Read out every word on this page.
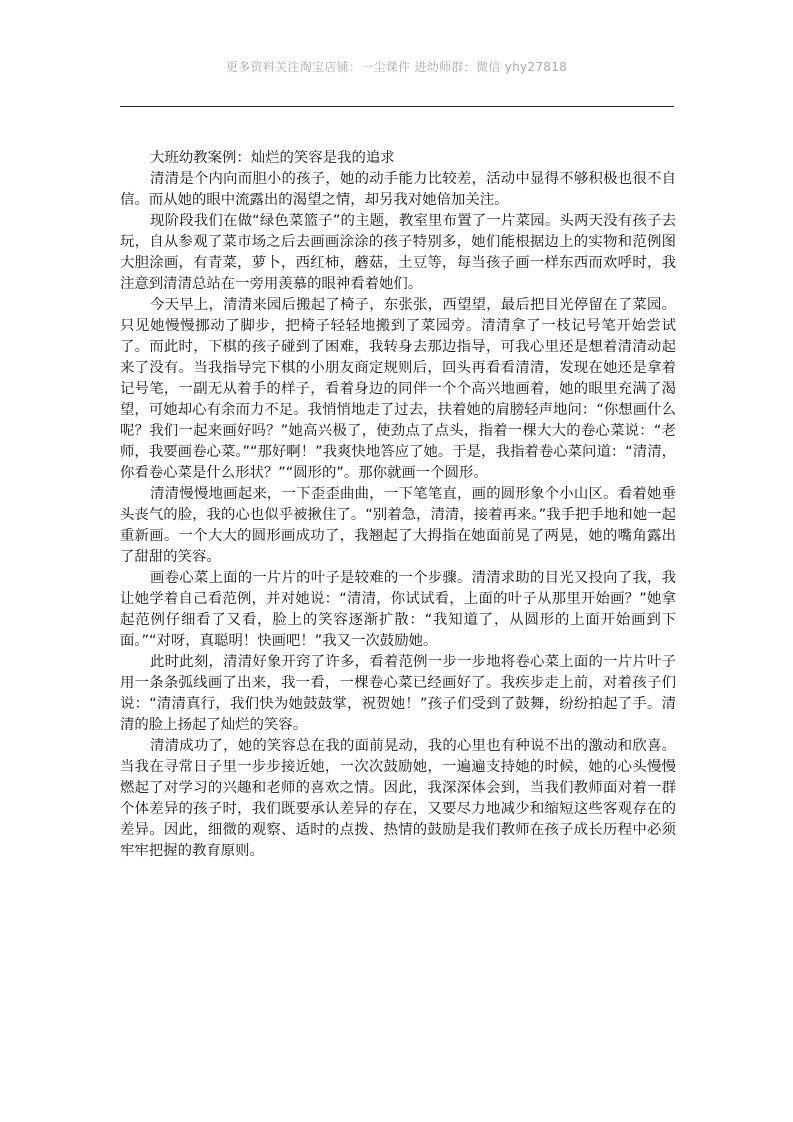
更多资料关注淘宝店铺：一尘课件 进幼师群：微信 yhy27818
大班幼教案例：灿烂的笑容是我的追求

清清是个内向而胆小的孩子，她的动手能力比较差，活动中显得不够积极也很不自信。而从她的眼中流露出的渴望之情，却另我对她倍加关注。

现阶段我们在做“绿色菜篮子”的主题，教室里布置了一片菜园。头两天没有孩子去玩，自从参观了菜市场之后去画画涂涂的孩子特别多，她们能根据边上的实物和范例图大胆涂画，有青菜，萝卜，西红柿，蘑菇，土豆等，每当孩子画一样东西而欢呼时，我注意到清清总站在一旁用羡慕的眼神看着她们。

今天早上，清清来园后搬起了椅子，东张张，西望望，最后把目光停留在了菜园。只见她慢慢挪动了脚步，把椅子轻轻地搬到了菜园旁。清清拿了一枝记号笔开始尝试了。而此时，下棋的孩子碰到了困难，我转身去那边指导，可我心里还是想着清清动起来了没有。当我指导完下棋的小朋友商定规则后，回头再看看清清，发现在她还是拿着记号笔，一副无从着手的样子，看着身边的同伴一个个高兴地画着，她的眼里充满了渴望，可她却心有余而力不足。我悄悄地走了过去，扶着她的肩膀轻声地问：“你想画什么呢？我们一起来画好吗？”她高兴极了，使劲点了点头，指着一棵大大的卷心菜说：“老师，我要画卷心菜。”“那好啊！”我爽快地答应了她。于是，我指着卷心菜问道：“清清，你看卷心菜是什么形状？”“圆形的”。那你就画一个圆形。

清清慢慢地画起来，一下歪歪曲曲，一下笔笔直，画的圆形象个小山区。看着她垂头丧气的脸，我的心也似乎被揪住了。“别着急，清清，接着再来。”我手把手地和她一起重新画。一个大大的圆形画成功了，我翘起了大拇指在她面前晃了两晃，她的嘴角露出了甜甜的笑容。

画卷心菜上面的一片片的叶子是较难的一个步骤。清清求助的目光又投向了我，我让她学着自己看范例，并对她说：“清清，你试试看，上面的叶子从那里开始画？”她拿起范例仔细看了又看，脸上的笑容逐渐扩散：“我知道了，从圆形的上面开始画到下面。”“对呀，真聪明！快画吧！”我又一次鼓励她。

此时此刻，清清好象开窍了许多，看着范例一步一步地将卷心菜上面的一片片叶子用一条条弧线画了出来，我一看，一棵卷心菜已经画好了。我疾步走上前，对着孩子们说：“清清真行，我们快为她鼓鼓掌，祝贺她！”孩子们受到了鼓舞，纷纷拍起了手。清清的脸上扬起了灿烂的笑容。

清清成功了，她的笑容总在我的面前晃动，我的心里也有种说不出的激动和欣喜。当我在寻常日子里一步步接近她，一次次鼓励她，一遍遍支持她的时候，她的心头慢慢燃起了对学习的兴趣和老师的喜欢之情。因此，我深深体会到，当我们教师面对着一群个体差异的孩子时，我们既要承认差异的存在，又要尽力地减少和缩短这些客观存在的差异。因此，细微的观察、适时的点拨、热情的鼓励是我们教师在孩子成长历程中必须牢牢把握的教育原则。
